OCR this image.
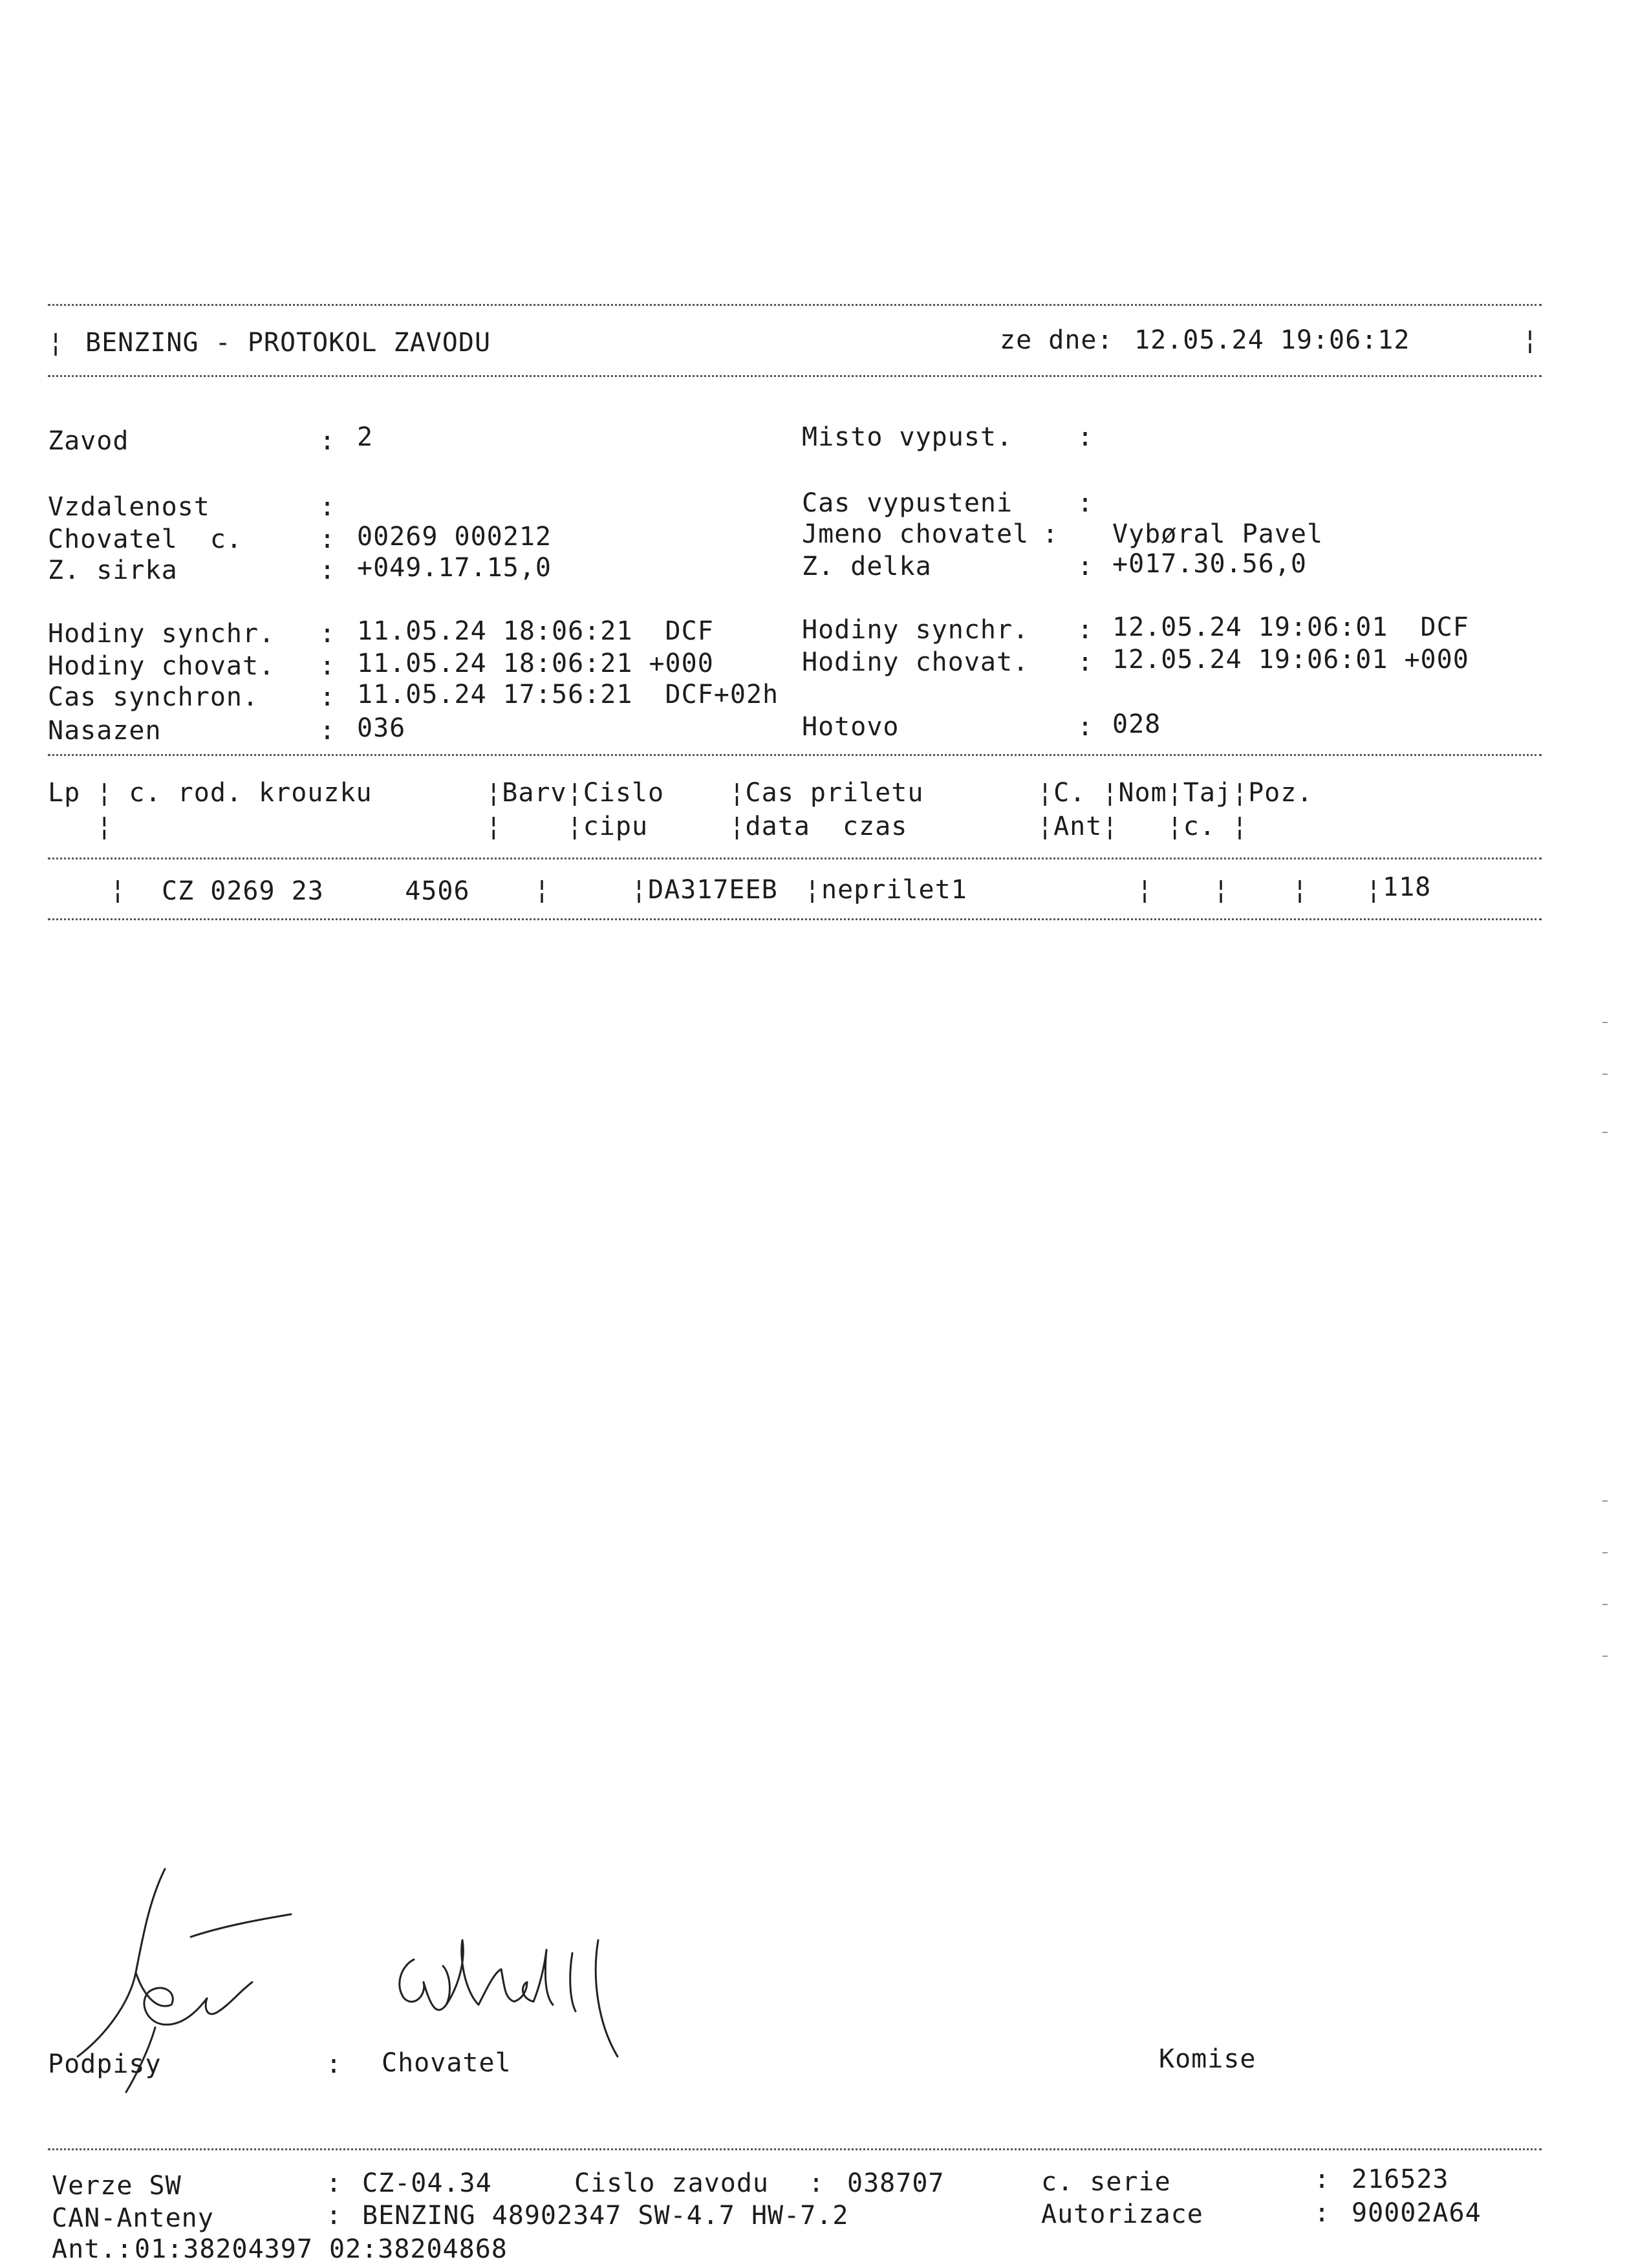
¦ BENZING - PROTOKOL ZAVODU	ze dne: 12.05.24 19:06:12	¦
Zavod	: 2	Misto vypust. :
Vzdalenost	:	Cas vypusteni :
Chovatel  c.	: 00269 000212	Jmeno chovatel : Vybøral Pavel
Z. sirka	: +049.17.15,0	Z. delka	: +017.30.56,0
Hodiny synchr. : 11.05.24 18:06:21  DCF	Hodiny synchr. : 12.05.24 19:06:01  DCF
Hodiny chovat. : 11.05.24 18:06:21 +000	Hodiny chovat. : 12.05.24 19:06:01 +000
Cas synchron. : 11.05.24 17:56:21  DCF+02h
Nasazen	: 036	Hotovo	: 028
Lp ¦ c. rod. krouzku       ¦Barv¦Cislo    ¦Cas priletu       ¦C. ¦Nom¦Taj¦Poz.
¦                       ¦    ¦cipu     ¦data  czas        ¦Ant¦   ¦c. ¦
¦ CZ 0269 23     4506 ¦	¦ DA317EEB ¦ neprilet1	¦ ¦ ¦ ¦ 118
Podpisy	: Chovatel	Komise
Verze SW	: CZ-04.34	Cislo zavodu : 038707	c. serie	: 216523
CAN-Anteny	: BENZING 48902347 SW-4.7 HW-7.2	Autorizace	: 90002A64
Ant.: 01:38204397 02:38204868
